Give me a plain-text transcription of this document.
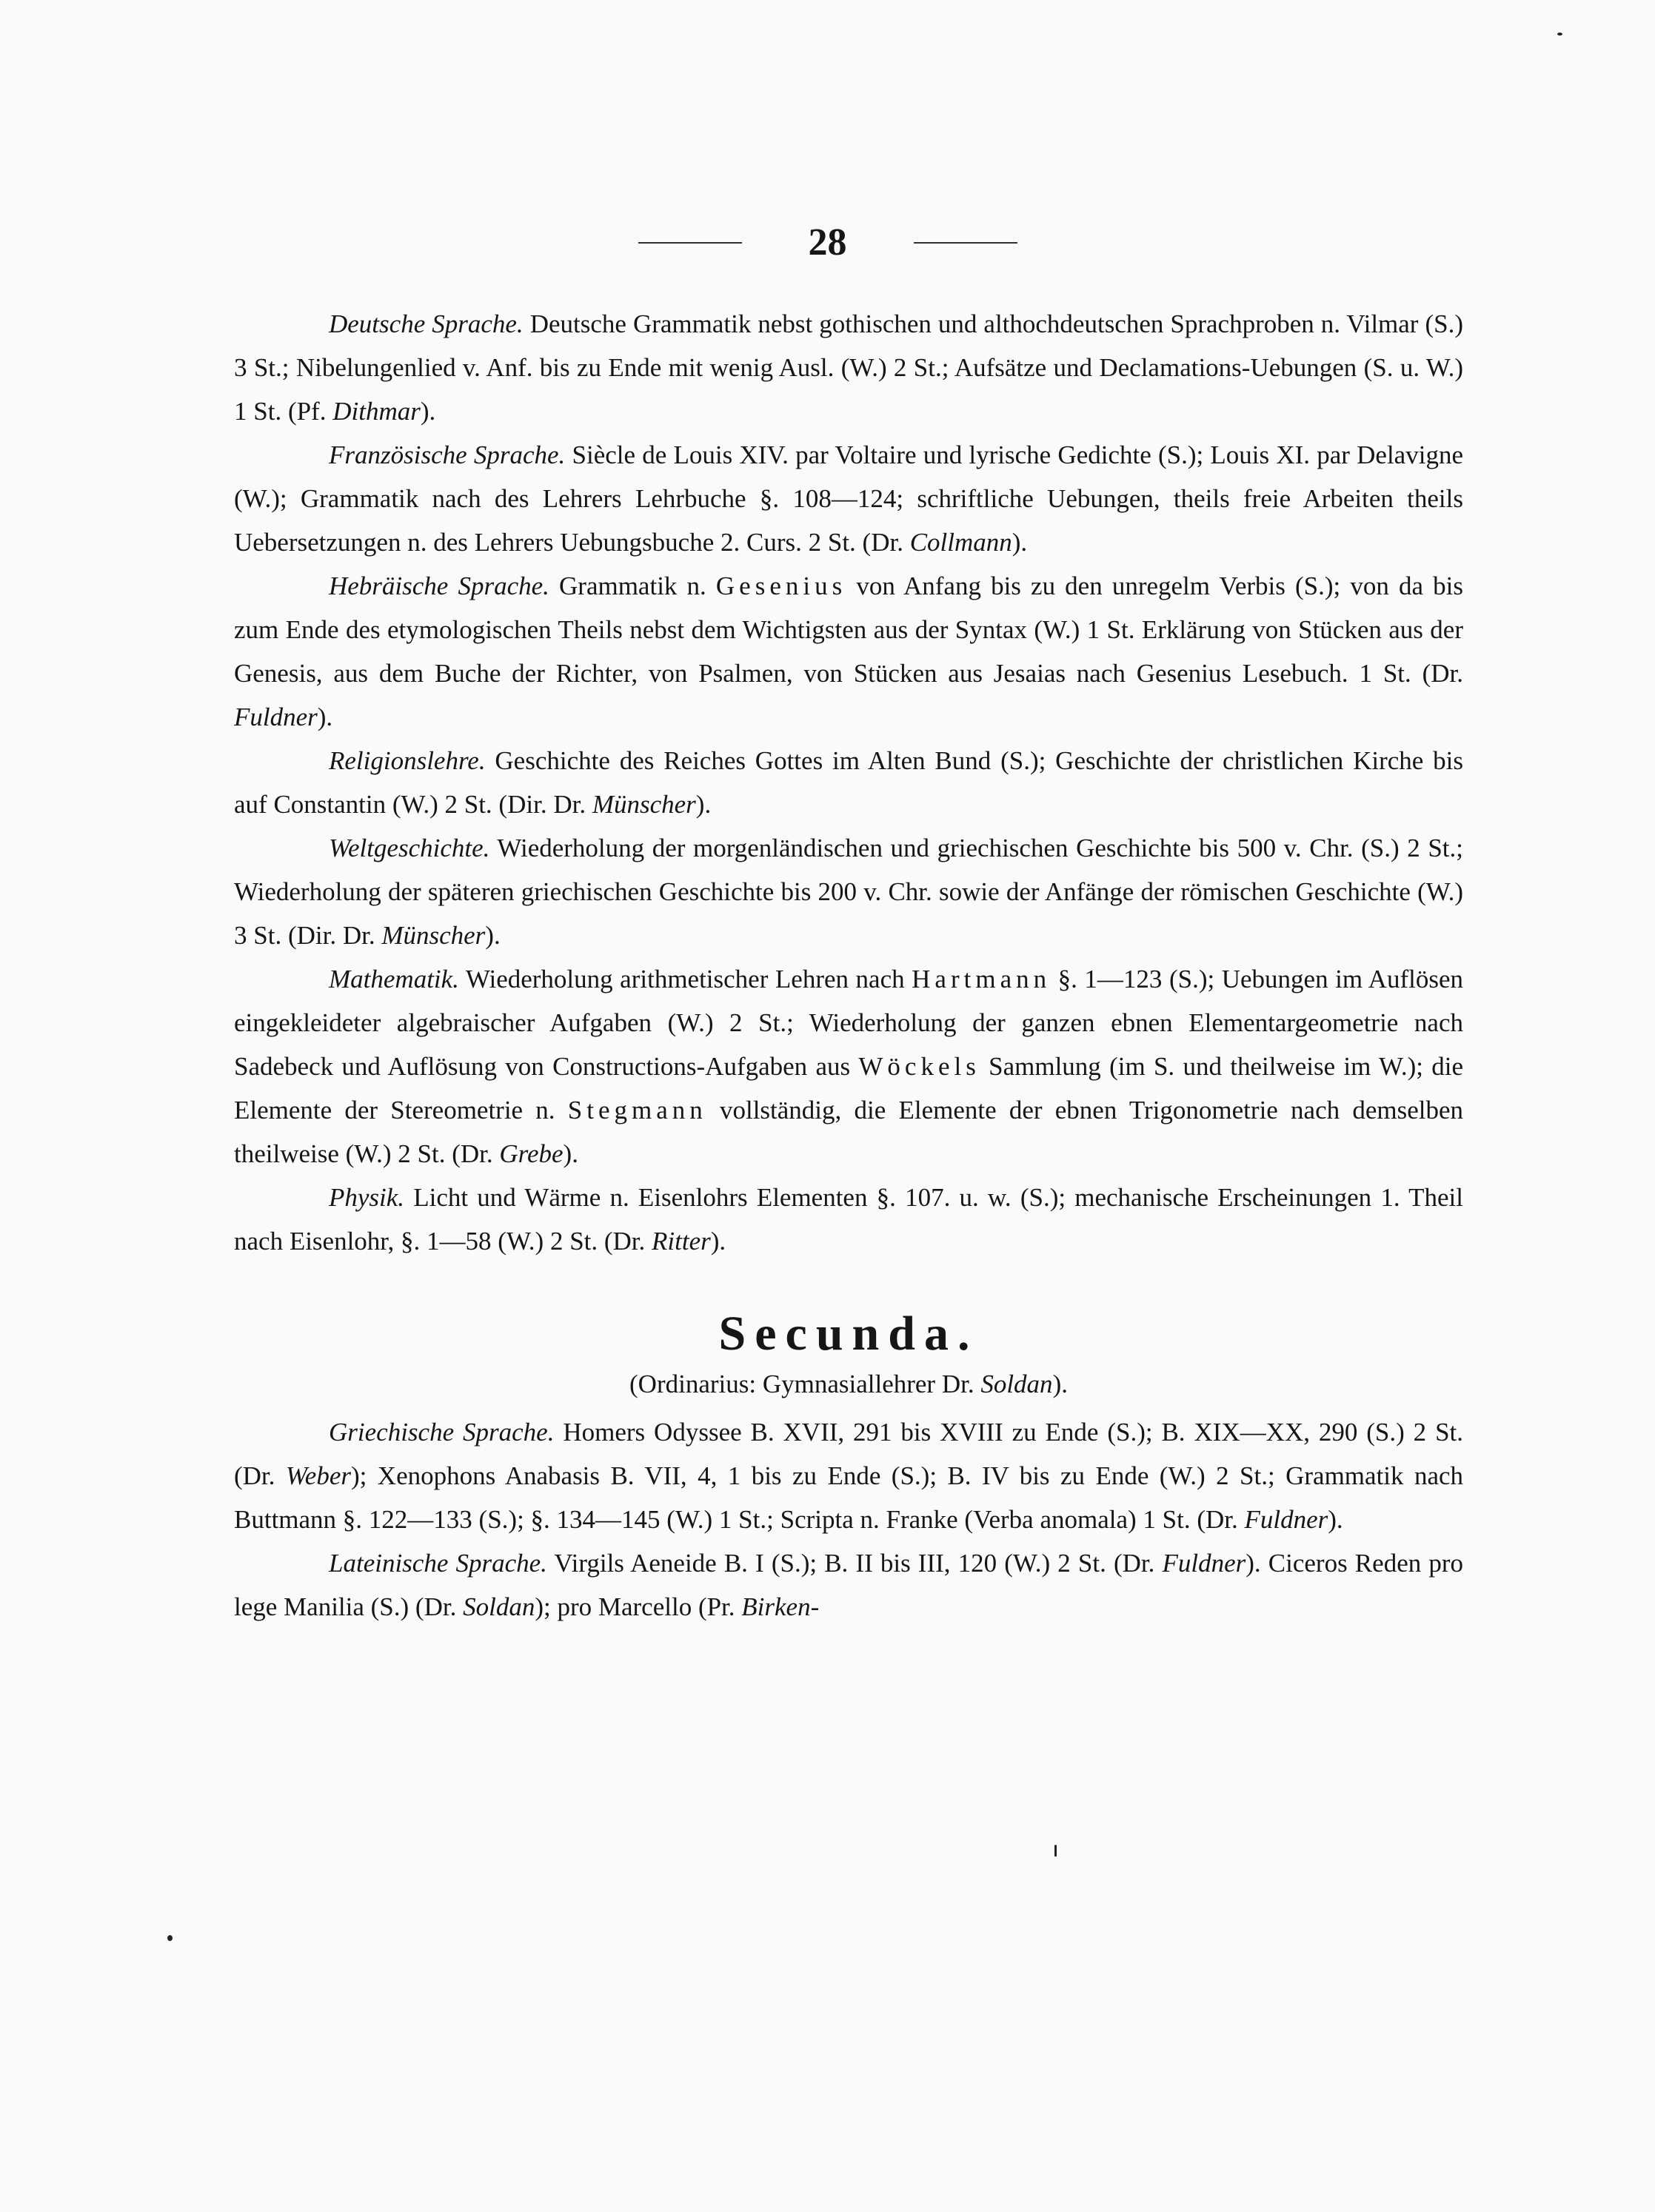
28

Deutsche Sprache. Deutsche Grammatik nebst gothischen und althochdeutschen Sprachproben n. Vilmar (S.) 3 St.; Nibelungenlied v. Anf. bis zu Ende mit wenig Ausl. (W.) 2 St.; Aufsätze und Declamations-Uebungen (S. u. W.) 1 St. (Pf. Dithmar).

Französische Sprache. Siècle de Louis XIV. par Voltaire und lyrische Gedichte (S.); Louis XI. par Delavigne (W.); Grammatik nach des Lehrers Lehrbuche §. 108—124; schriftliche Uebungen, theils freie Arbeiten theils Uebersetzungen n. des Lehrers Uebungsbuche 2. Curs. 2 St. (Dr. Collmann).

Hebräische Sprache. Grammatik n. Gesenius von Anfang bis zu den unregelm Verbis (S.); von da bis zum Ende des etymologischen Theils nebst dem Wichtigsten aus der Syntax (W.) 1 St. Erklärung von Stücken aus der Genesis, aus dem Buche der Richter, von Psalmen, von Stücken aus Jesaias nach Gesenius Lesebuch. 1 St. (Dr. Fuldner).

Religionslehre. Geschichte des Reiches Gottes im Alten Bund (S.); Geschichte der christlichen Kirche bis auf Constantin (W.) 2 St. (Dir. Dr. Münscher).

Weltgeschichte. Wiederholung der morgenländischen und griechischen Geschichte bis 500 v. Chr. (S.) 2 St.; Wiederholung der späteren griechischen Geschichte bis 200 v. Chr. sowie der Anfänge der römischen Geschichte (W.) 3 St. (Dir. Dr. Münscher).

Mathematik. Wiederholung arithmetischer Lehren nach Hartmann §. 1—123 (S.); Uebungen im Auflösen eingekleideter algebraischer Aufgaben (W.) 2 St.; Wiederholung der ganzen ebnen Elementargeometrie nach Sadebeck und Auflösung von Constructions-Aufgaben aus Wöckels Sammlung (im S. und theilweise im W.); die Elemente der Stereometrie n. Stegmann vollständig, die Elemente der ebnen Trigonometrie nach demselben theilweise (W.) 2 St. (Dr. Grebe).

Physik. Licht und Wärme n. Eisenlohrs Elementen §. 107. u. w. (S.); mechanische Erscheinungen 1. Theil nach Eisenlohr, §. 1—58 (W.) 2 St. (Dr. Ritter).

Secunda.
(Ordinarius: Gymnasiallehrer Dr. Soldan).

Griechische Sprache. Homers Odyssee B. XVII, 291 bis XVIII zu Ende (S.); B. XIX—XX, 290 (S.) 2 St. (Dr. Weber); Xenophons Anabasis B. VII, 4, 1 bis zu Ende (S.); B. IV bis zu Ende (W.) 2 St.; Grammatik nach Buttmann §. 122—133 (S.); §. 134—145 (W.) 1 St.; Scripta n. Franke (Verba anomala) 1 St. (Dr. Fuldner).

Lateinische Sprache. Virgils Aeneide B. I (S.); B. II bis III, 120 (W.) 2 St. (Dr. Fuldner). Ciceros Reden pro lege Manilia (S.) (Dr. Soldan); pro Marcello (Pr. Birken-
